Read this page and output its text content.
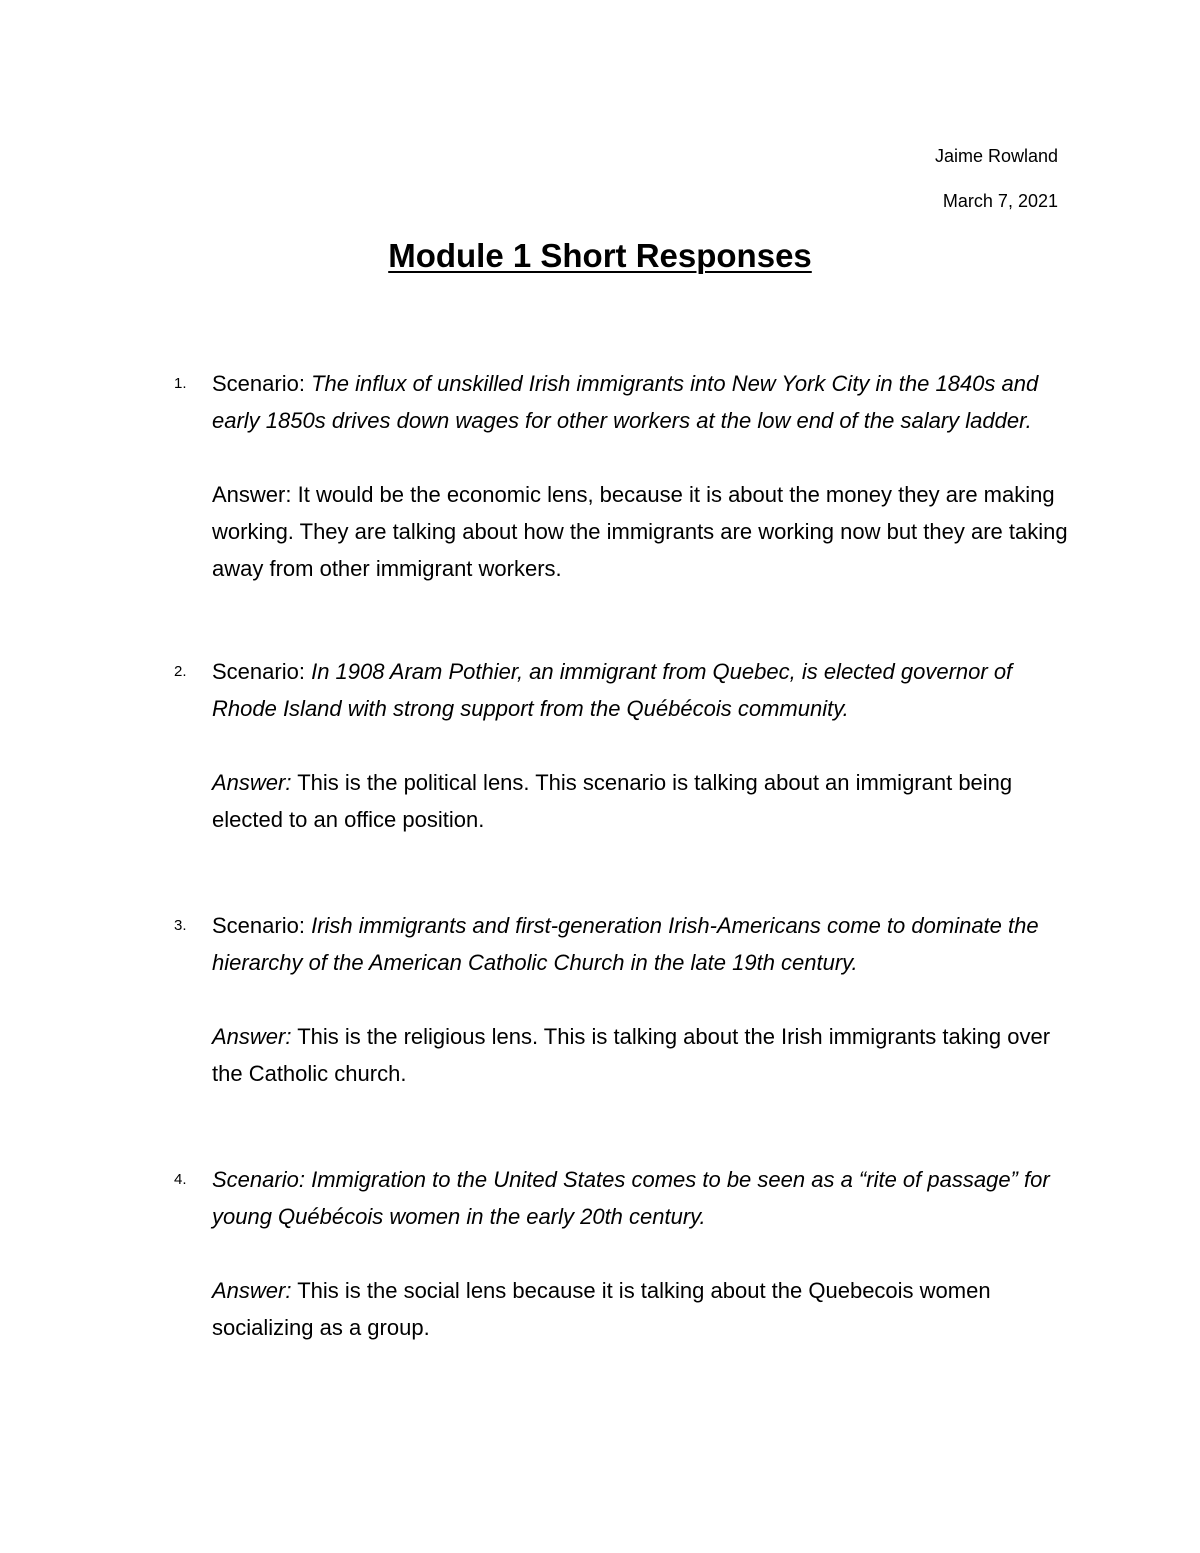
Jaime Rowland
March 7, 2021
Module 1 Short Responses
1. Scenario: The influx of unskilled Irish immigrants into New York City in the 1840s and early 1850s drives down wages for other workers at the low end of the salary ladder.

Answer: It would be the economic lens, because it is about the money they are making working. They are talking about how the immigrants are working now but they are taking away from other immigrant workers.

2. Scenario: In 1908 Aram Pothier, an immigrant from Quebec, is elected governor of Rhode Island with strong support from the Québécois community.

Answer: This is the political lens. This scenario is talking about an immigrant being elected to an office position.

3. Scenario: Irish immigrants and first-generation Irish-Americans come to dominate the hierarchy of the American Catholic Church in the late 19th century.

Answer: This is the religious lens. This is talking about the Irish immigrants taking over the Catholic church.

4. Scenario: Immigration to the United States comes to be seen as a “rite of passage” for young Québécois women in the early 20th century.

Answer: This is the social lens because it is talking about the Quebecois women socializing as a group.
